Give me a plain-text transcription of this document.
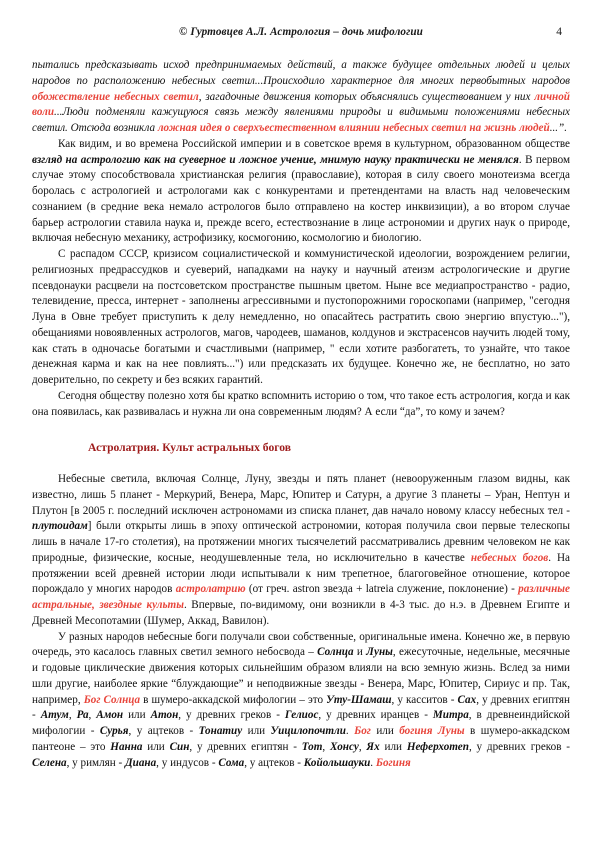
© Гуртовцев А.Л. Астрология – дочь мифологии	4

пытались предсказывать исход предпринимаемых действий, а также будущее отдельных людей и целых народов по расположению небесных светил...Происходило характерное для многих первобытных народов обожествление небесных светил, загадочные движения которых объяснялись существованием у них личной воли...Люди подменяли кажущуюся связь между явлениями природы и видимыми положениями небесных светил. Отсюда возникла ложная идея о сверхъестественном влиянии небесных светил на жизнь людей...”.

Как видим, и во времена Российской империи и в советское время в культурном, образованном обществе взгляд на астрологию как на суеверное и ложное учение, мнимую науку практически не менялся. В первом случае этому способствовала христианская религия (православие), которая в силу своего монотеизма всегда боролась с астрологией и астрологами как с конкурентами и претендентами на власть над человеческим сознанием (в средние века немало астрологов было отправлено на костер инквизиции), а во втором случае барьер астрологии ставила наука и, прежде всего, естествознание в лице астрономии и других наук о природе, включая небесную механику, астрофизику, космогонию, космологию и биологию.

С распадом СССР, кризисом социалистической и коммунистической идеологии, возрождением религии, религиозных предрассудков и суеверий, нападками на науку и научный атеизм астрологические и другие псевдонауки расцвели на постсоветском пространстве пышным цветом. Ныне все медиапространство - радио, телевидение, пресса, интернет - заполнены агрессивными и пустопорожними гороскопами (например, "сегодня Луна в Овне требует приступить к делу немедленно, но опасайтесь растратить свою энергию впустую..."), обещаниями новоявленных астрологов, магов, чародеев, шаманов, колдунов и экстрасенсов научить людей тому, как стать в одночасье богатыми и счастливыми (например, " если хотите разбогатеть, то узнайте, что такое денежная карма и как на нее повлиять...") или предсказать их будущее. Конечно же, не бесплатно, но зато доверительно, по секрету и без всяких гарантий.

Сегодня обществу полезно хотя бы кратко вспомнить историю о том, что такое есть астрология, когда и как она появилась, как развивалась и нужна ли она современным людям? А если “да”, то кому и зачем?

Астролатрия. Культ астральных богов

Небесные светила, включая Солнце, Луну, звезды и пять планет (невооруженным глазом видны, как известно, лишь 5 планет - Меркурий, Венера, Марс, Юпитер и Сатурн, а другие 3 планеты – Уран, Нептун и Плутон [в 2005 г. последний исключен астрономами из списка планет, дав начало новому классу небесных тел - плутоидам] были открыты лишь в эпоху оптической астрономии, которая получила свои первые телескопы лишь в начале 17-го столетия), на протяжении многих тысячелетий рассматривались древним человеком не как природные, физические, косные, неодушевленные тела, но исключительно в качестве небесных богов. На протяжении всей древней истории люди испытывали к ним трепетное, благоговейное отношение, которое порождало у многих народов астролатрию (от греч. astron звезда + latreia служение, поклонение) - различные астральные, звездные культы. Впервые, по-видимому, они возникли в 4-3 тыс. до н.э. в Древнем Египте и Древней Месопотамии (Шумер, Аккад, Вавилон).

У разных народов небесные боги получали свои собственные, оригинальные имена. Конечно же, в первую очередь, это касалось главных светил земного небосвода – Солнца и Луны, ежесуточные, недельные, месячные и годовые циклические движения которых сильнейшим образом влияли на всю земную жизнь. Вслед за ними шли другие, наиболее яркие “блуждающие” и неподвижные звезды - Венера, Марс, Юпитер, Сириус и пр. Так, например, Бог Солнца в шумеро-аккадской мифологии – это Уту-Шамаш, у касситов - Сах, у древних египтян - Атум, Ра, Амон или Атон, у древних греков - Гелиос, у древних иранцев - Митра, в древнеиндийской мифологии - Сурья, у ацтеков - Тонатиу или Уицилопочтли. Бог или богиня Луны в шумеро-аккадском пантеоне – это Нанна или Син, у древних египтян - Тот, Хонсу, Ях или Неферхотеп, у древних греков - Селена, у римлян - Диана, у индусов - Сома, у ацтеков - Койольшауки. Богиня
